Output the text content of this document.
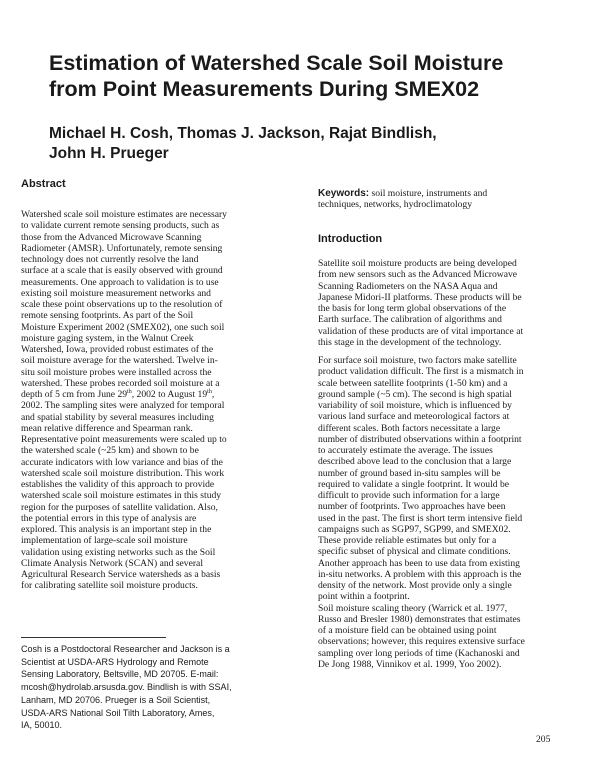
Estimation of Watershed Scale Soil Moisture
from Point Measurements During SMEX02
Michael H. Cosh, Thomas J. Jackson, Rajat Bindlish,
John H. Prueger
Abstract
Watershed scale soil moisture estimates are necessary
to validate current remote sensing products, such as
those from the Advanced Microwave Scanning
Radiometer (AMSR). Unfortunately, remote sensing
technology does not currently resolve the land
surface at a scale that is easily observed with ground
measurements. One approach to validation is to use
existing soil moisture measurement networks and
scale these point observations up to the resolution of
remote sensing footprints. As part of the Soil
Moisture Experiment 2002 (SMEX02), one such soil
moisture gaging system, in the Walnut Creek
Watershed, Iowa, provided robust estimates of the
soil moisture average for the watershed. Twelve in-
situ soil moisture probes were installed across the
watershed. These probes recorded soil moisture at a
depth of 5 cm from June 29th, 2002 to August 19th,
2002. The sampling sites were analyzed for temporal
and spatial stability by several measures including
mean relative difference and Spearman rank.
Representative point measurements were scaled up to
the watershed scale (~25 km) and shown to be
accurate indicators with low variance and bias of the
watershed scale soil moisture distribution. This work
establishes the validity of this approach to provide
watershed scale soil moisture estimates in this study
region for the purposes of satellite validation. Also,
the potential errors in this type of analysis are
explored. This analysis is an important step in the
implementation of large-scale soil moisture
validation using existing networks such as the Soil
Climate Analysis Network (SCAN) and several
Agricultural Research Service watersheds as a basis
for calibrating satellite soil moisture products.
Cosh is a Postdoctoral Researcher and Jackson is a
Scientist at USDA-ARS Hydrology and Remote
Sensing Laboratory, Beltsville, MD 20705. E-mail:
mcosh@hydrolab.arsusda.gov. Bindlish is with SSAI,
Lanham, MD 20706. Prueger is a Soil Scientist,
USDA-ARS National Soil Tilth Laboratory, Ames,
IA, 50010.
Keywords: soil moisture, instruments and
techniques, networks, hydroclimatology
Introduction
Satellite soil moisture products are being developed
from new sensors such as the Advanced Microwave
Scanning Radiometers on the NASA Aqua and
Japanese Midori-II platforms. These products will be
the basis for long term global observations of the
Earth surface. The calibration of algorithms and
validation of these products are of vital importance at
this stage in the development of the technology.
For surface soil moisture, two factors make satellite
product validation difficult. The first is a mismatch in
scale between satellite footprints (1-50 km) and a
ground sample (~5 cm). The second is high spatial
variability of soil moisture, which is influenced by
various land surface and meteorological factors at
different scales. Both factors necessitate a large
number of distributed observations within a footprint
to accurately estimate the average. The issues
described above lead to the conclusion that a large
number of ground based in-situ samples will be
required to validate a single footprint. It would be
difficult to provide such information for a large
number of footprints. Two approaches have been
used in the past. The first is short term intensive field
campaigns such as SGP97, SGP99, and SMEX02.
These provide reliable estimates but only for a
specific subset of physical and climate conditions.
Another approach has been to use data from existing
in-situ networks. A problem with this approach is the
density of the network. Most provide only a single
point within a footprint.
Soil moisture scaling theory (Warrick et al. 1977,
Russo and Bresler 1980) demonstrates that estimates
of a moisture field can be obtained using point
observations; however, this requires extensive surface
sampling over long periods of time (Kachanoski and
De Jong 1988, Vinnikov et al. 1999, Yoo 2002).
205
